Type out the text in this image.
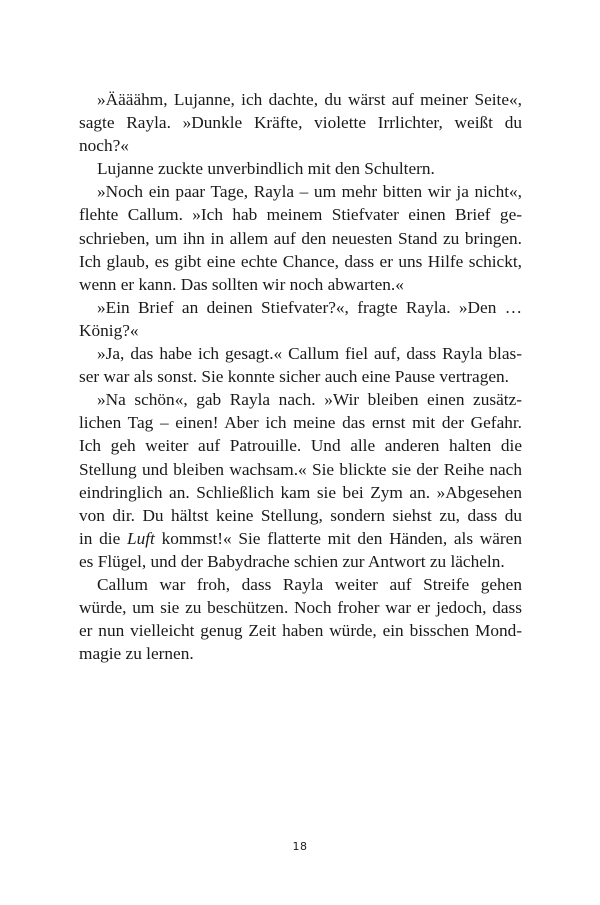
»Äääähm, Lujanne, ich dachte, du wärst auf meiner Seite«,
sagte Rayla. »Dunkle Kräfte, violette Irrlichter, weißt du
noch?«
Lujanne zuckte unverbindlich mit den Schultern.
»Noch ein paar Tage, Rayla – um mehr bitten wir ja nicht«,
flehte Callum. »Ich hab meinem Stiefvater einen Brief ge-
schrieben, um ihn in allem auf den neuesten Stand zu bringen.
Ich glaub, es gibt eine echte Chance, dass er uns Hilfe schickt,
wenn er kann. Das sollten wir noch abwarten.«
»Ein Brief an deinen Stiefvater?«, fragte Rayla. »Den …
König?«
»Ja, das habe ich gesagt.« Callum fiel auf, dass Rayla blas-
ser war als sonst. Sie konnte sicher auch eine Pause vertragen.
»Na schön«, gab Rayla nach. »Wir bleiben einen zusätz-
lichen Tag – einen! Aber ich meine das ernst mit der Gefahr.
Ich geh weiter auf Patrouille. Und alle anderen halten die
Stellung und bleiben wachsam.« Sie blickte sie der Reihe nach
eindringlich an. Schließlich kam sie bei Zym an. »Abgesehen
von dir. Du hältst keine Stellung, sondern siehst zu, dass du
in die Luft kommst!« Sie flatterte mit den Händen, als wären
es Flügel, und der Babydrache schien zur Antwort zu lächeln.
Callum war froh, dass Rayla weiter auf Streife gehen
würde, um sie zu beschützen. Noch froher war er jedoch, dass
er nun vielleicht genug Zeit haben würde, ein bisschen Mond-
magie zu lernen.
18
